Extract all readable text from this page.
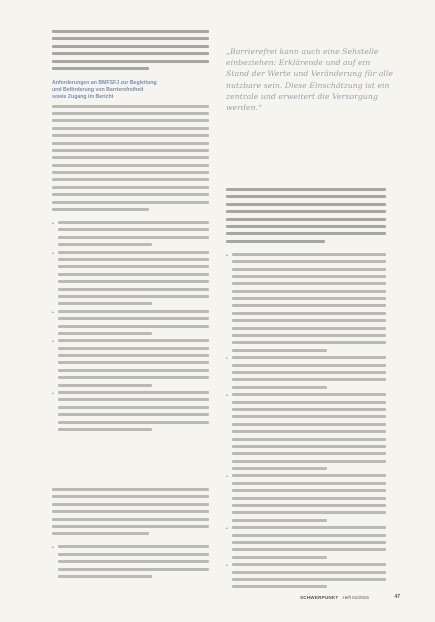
Anforderungen an BMFSFJ zur Begleitung
und Beförderung von Barrierefreiheit
sowie Zugang im Bericht
•
•
•
•
•
•

„Barrierefrei kann auch eine Sehstelle einbeziehen: Erklärende und auf ein Stand der Werte und Veränderung für alle nutzbare sein. Diese Einschätzung ist ein zentrale und erweitert die Versorgung werden.“

•
•
•
•
•
•
SCHWERPUNKT Heft 01/2016	47
